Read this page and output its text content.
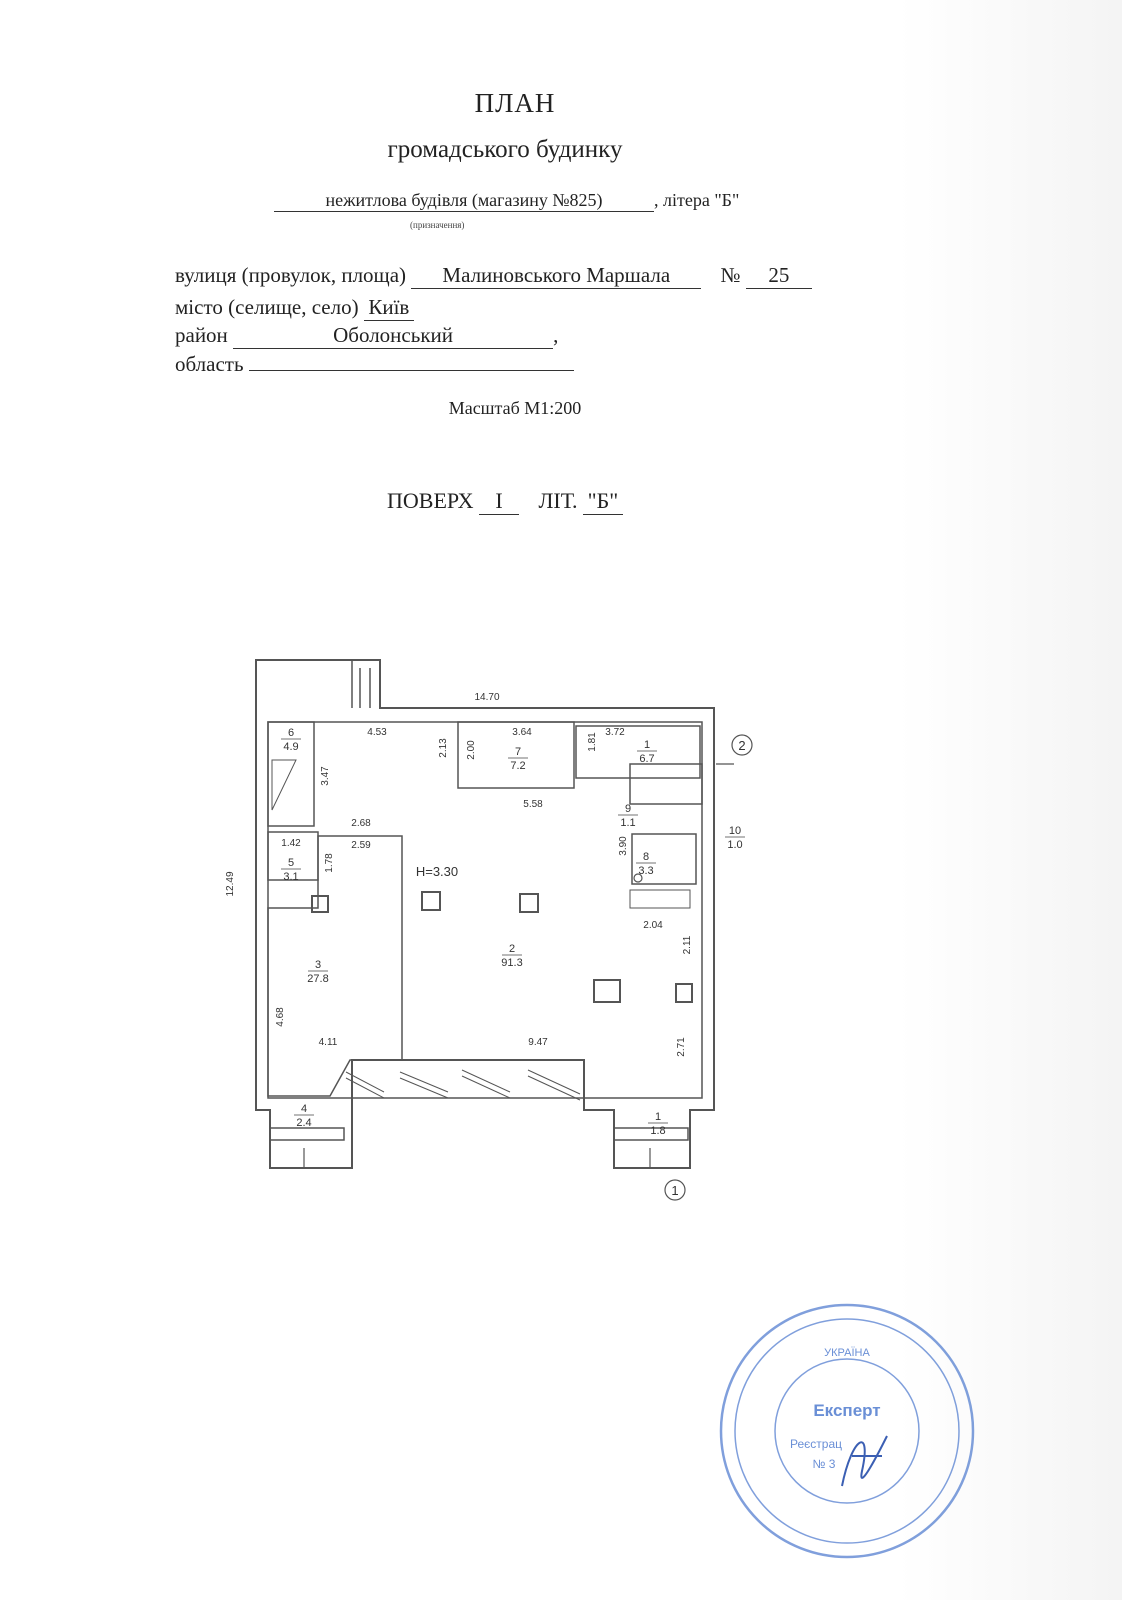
ПЛАН
громадського будинку
нежитлова будівля (магазину №825)	, літера "Б"
(призначення)
вулиця (провулок, площа) Малиновського Маршала № 25
місто (селище, село) Київ
район	Оболонський	,
область
Масштаб М1:200
ПОВЕРХ I ЛІТ. "Б"
14.70
4.53	3.64	3.72
2.13 2.00	1.81
3.47
5.58
2.68
1.42	2.59
1.78
3.90
2.04
2.11
12.49
4.68
4.11	9.47	2.71
1
6.7
2
91.3
3
27.8
4
2.4
5
3.1
6
4.9	7
7.2
8
3.3
9
1.1
10
1.0
1
1.8
H=3.30
1
2
УКРАЇНА
Експерт
Реєстрац
№ 3
